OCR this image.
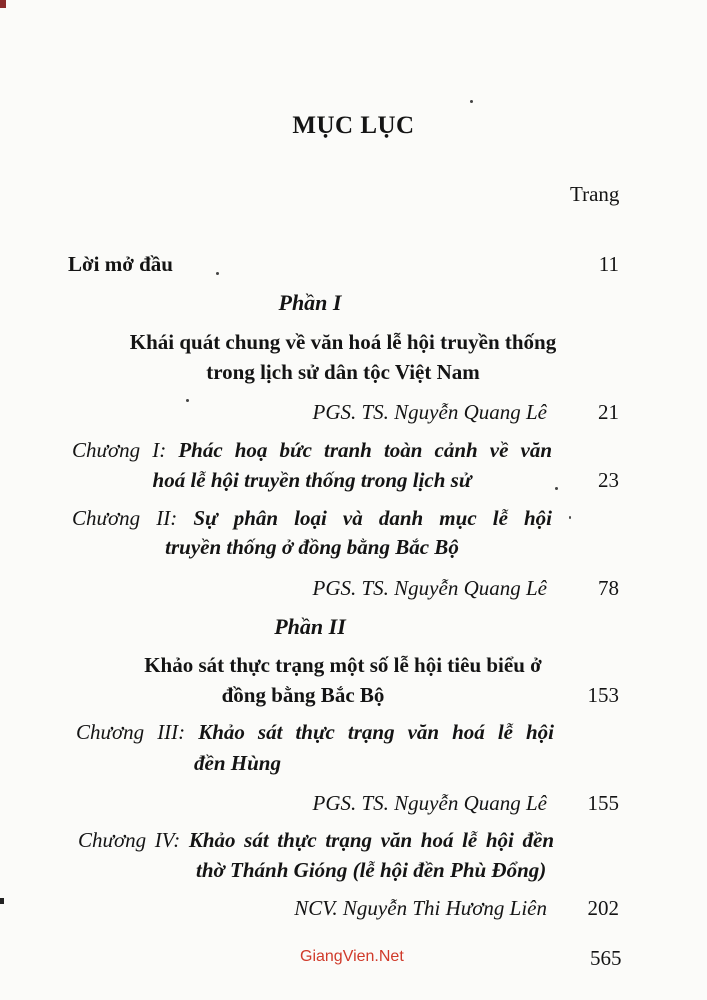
MỤC LỤC
Trang
Lời mở đầu	11
Phần I
Khái quát chung về văn hoá lễ hội truyền thống
trong lịch sử dân tộc Việt Nam
PGS. TS. Nguyễn Quang Lê 21
Chương I: Phác hoạ bức tranh toàn cảnh về văn
hoá lễ hội truyền thống trong lịch sử	23
Chương II: Sự phân loại và danh mục lễ hội
truyền thống ở đồng bằng Bắc Bộ
PGS. TS. Nguyễn Quang Lê 78
Phần II
Khảo sát thực trạng một số lễ hội tiêu biểu ở
đồng bằng Bắc Bộ	153
Chương III: Khảo sát thực trạng văn hoá lễ hội
đền Hùng
PGS. TS. Nguyễn Quang Lê 155
Chương IV: Khảo sát thực trạng văn hoá lễ hội đền
thờ Thánh Gióng (lễ hội đền Phù Đổng)
NCV. Nguyễn Thi Hương Liên 202
GiangVien.Net	565
